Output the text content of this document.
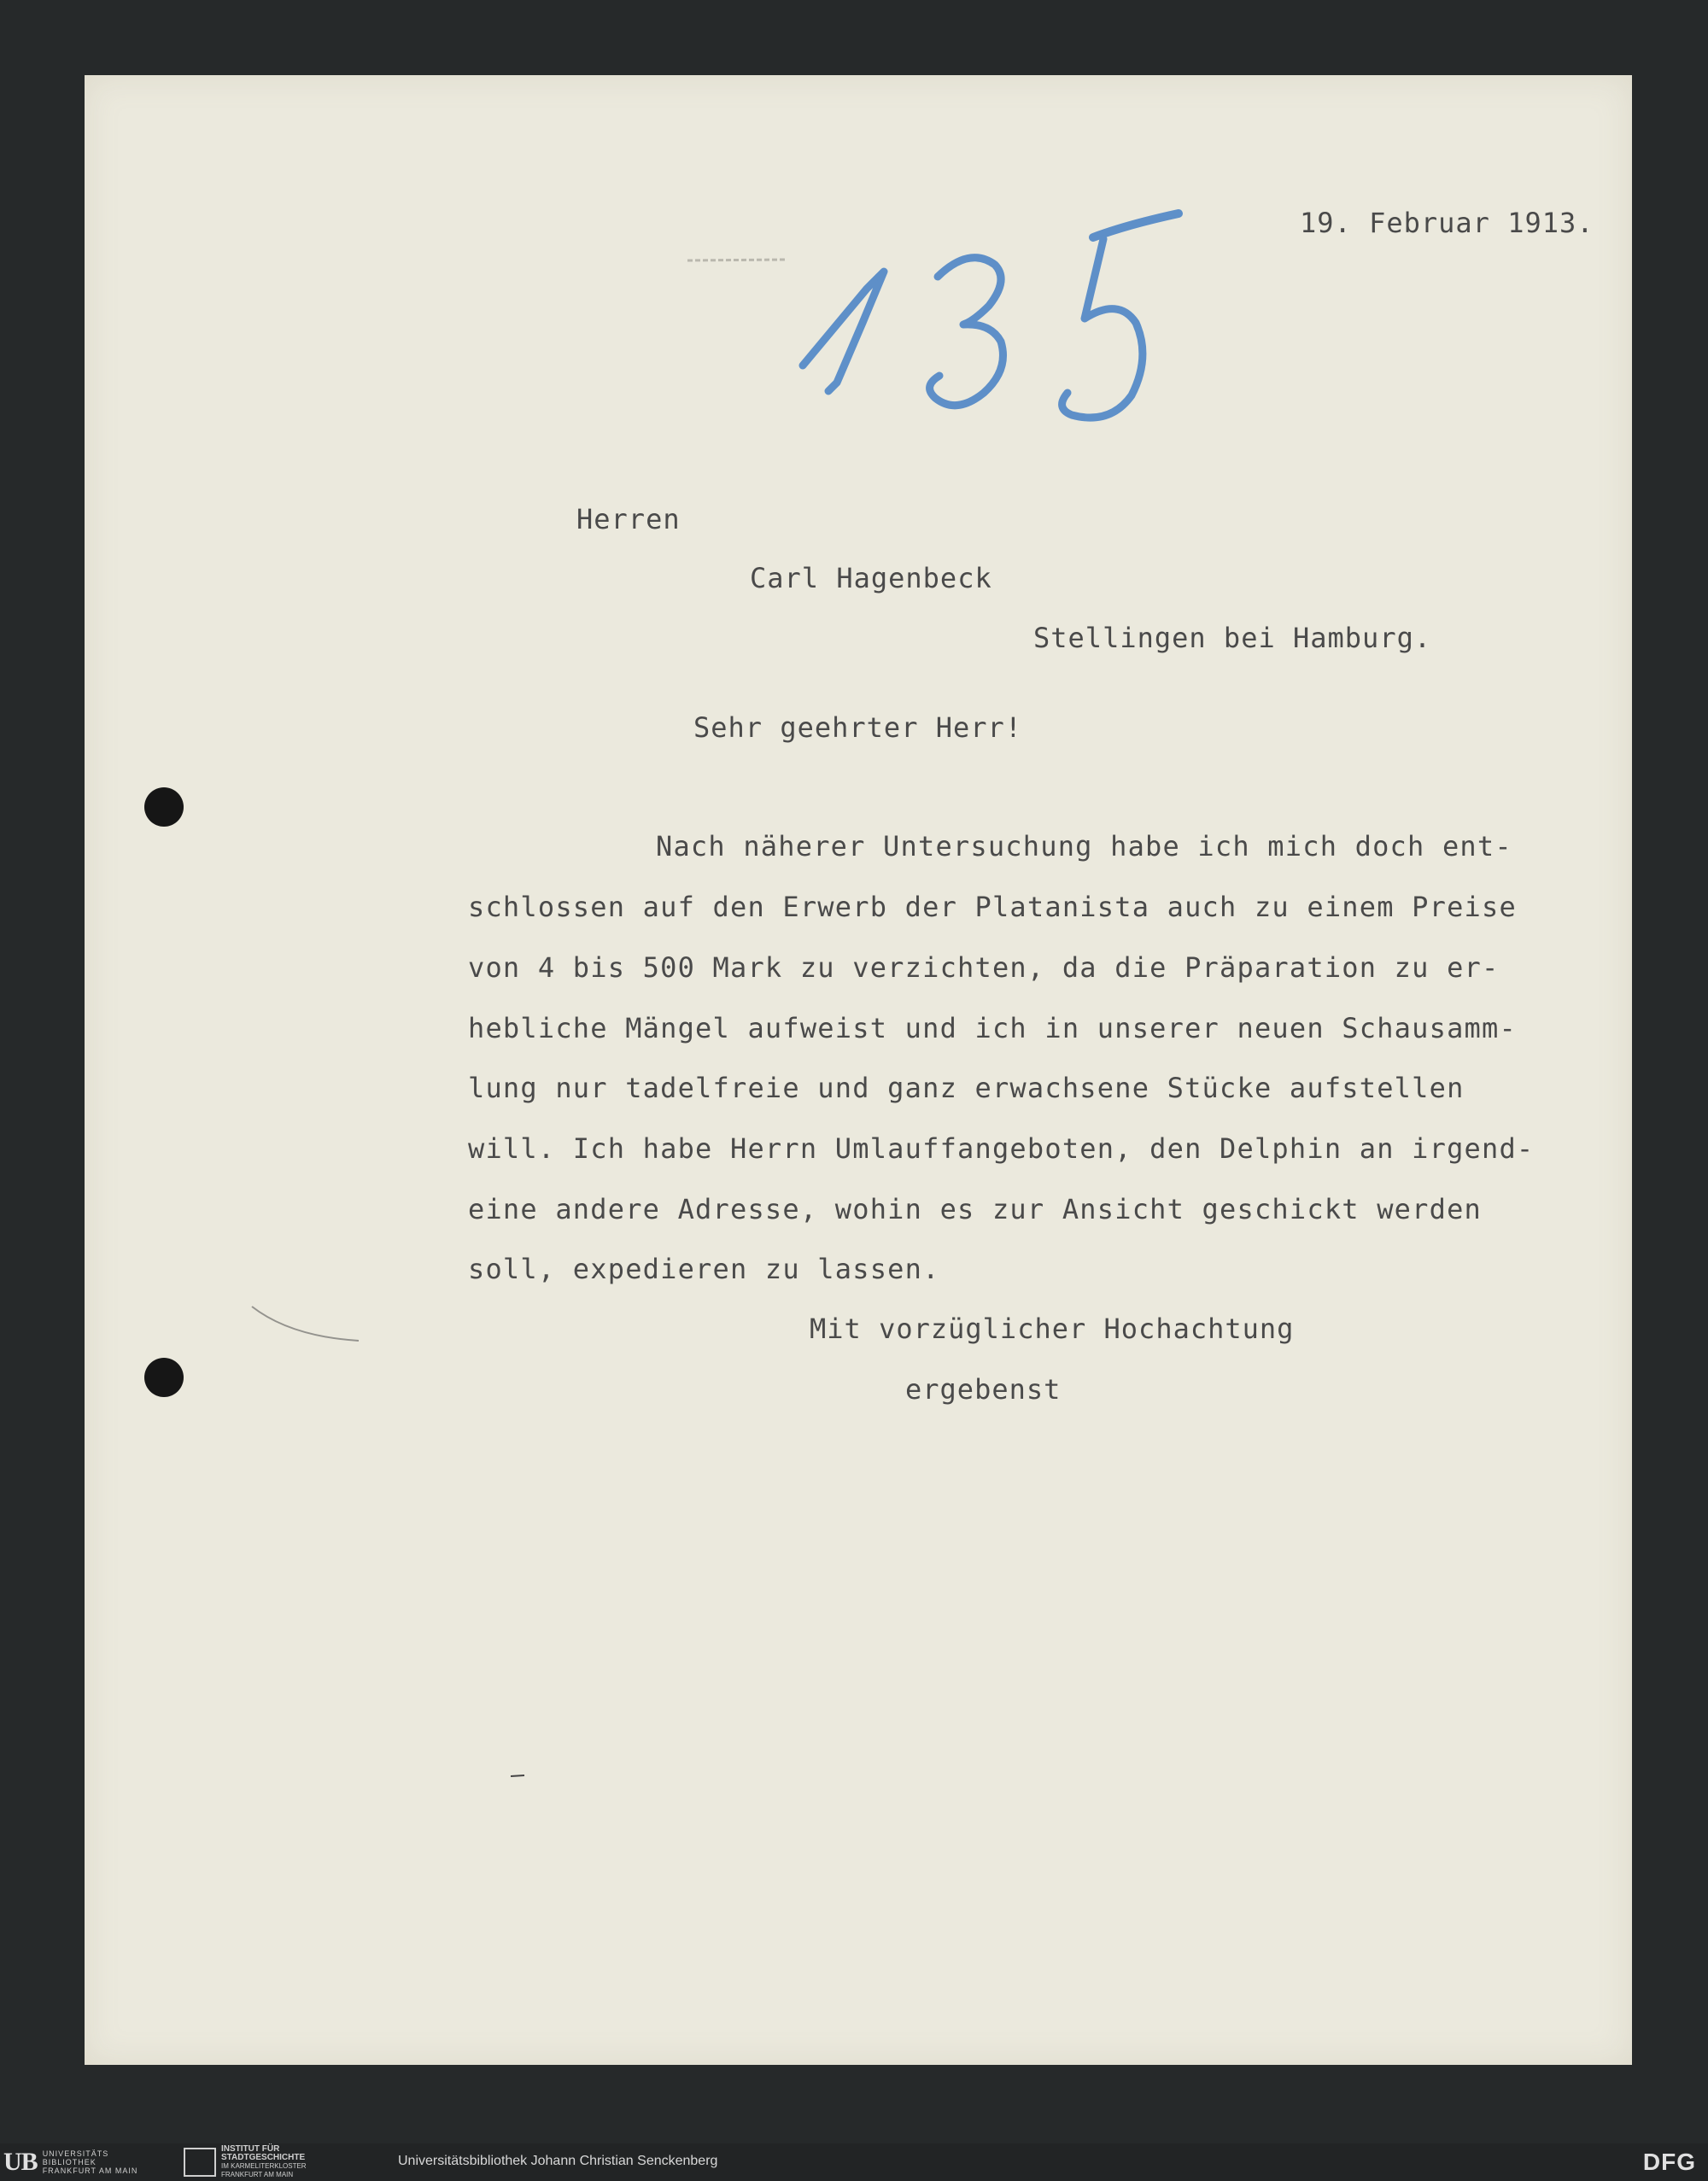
19. Februar 1913.
Herren
Carl Hagenbeck
Stellingen bei Hamburg.
Sehr geehrter Herr!
Nach näherer Untersuchung habe ich mich doch ent-
schlossen auf den Erwerb der Platanista auch zu einem Preise
von 4 bis 500 Mark zu verzichten, da die Präparation zu er-
hebliche Mängel aufweist und ich in unserer neuen Schausamm-
lung nur tadelfreie und ganz erwachsene Stücke aufstellen
will. Ich habe Herrn Umlauffangeboten, den Delphin an irgend-
eine andere Adresse, wohin es zur Ansicht geschickt werden
soll, expedieren zu lassen.
Mit vorzüglicher Hochachtung
ergebenst
UB UNIVERSITÄTS
BIBLIOTHEK
FRANKFURT AM MAIN
INSTITUT FÜR
STADTGESCHICHTE
IM KARMELITERKLOSTER
FRANKFURT AM MAIN
Universitätsbibliothek Johann Christian Senckenberg	DFG
